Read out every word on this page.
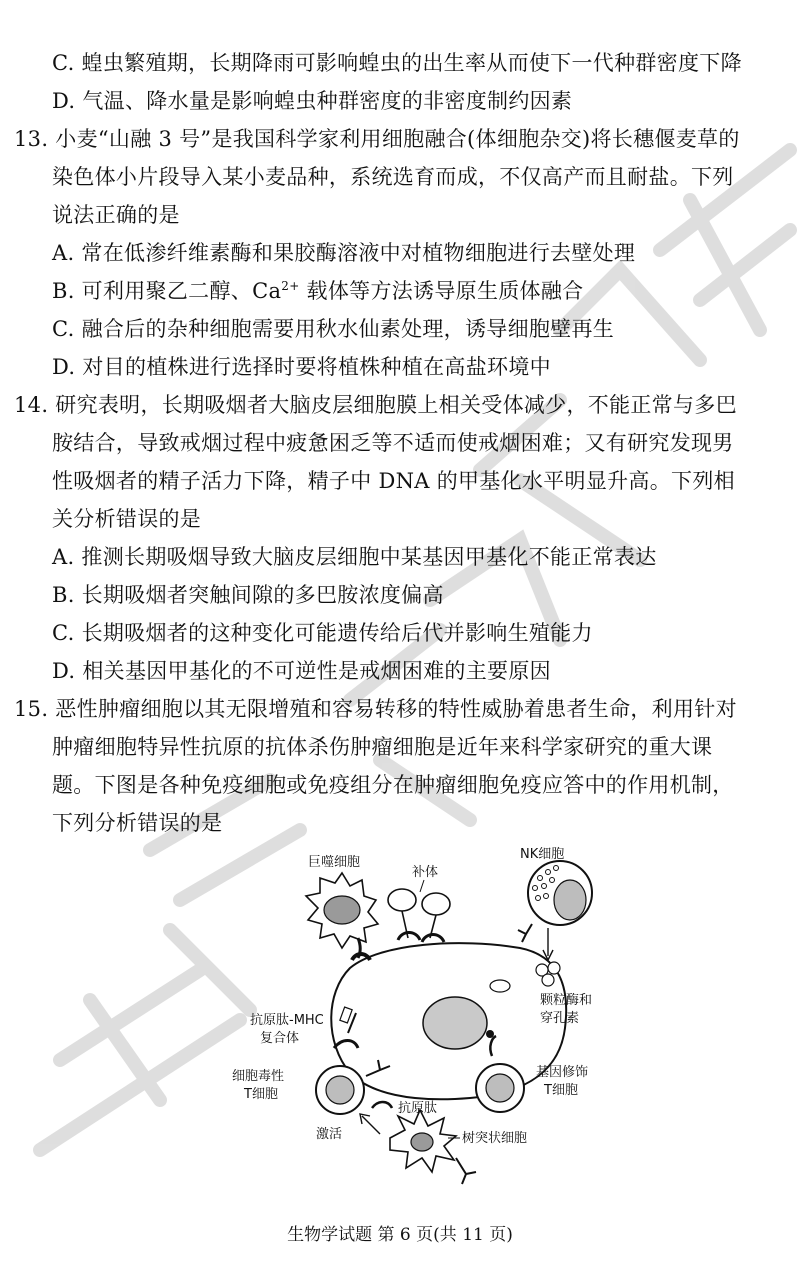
C. 蝗虫繁殖期，长期降雨可影响蝗虫的出生率从而使下一代种群密度下降
D. 气温、降水量是影响蝗虫种群密度的非密度制约因素
13. 小麦“山融 3 号”是我国科学家利用细胞融合(体细胞杂交)将长穗偃麦草的
染色体小片段导入某小麦品种，系统选育而成，不仅高产而且耐盐。下列
说法正确的是
A. 常在低渗纤维素酶和果胶酶溶液中对植物细胞进行去壁处理
B. 可利用聚乙二醇、$Ca^{2+}$ 载体等方法诱导原生质体融合
C. 融合后的杂种细胞需要用秋水仙素处理，诱导细胞壁再生
D. 对目的植株进行选择时要将植株种植在高盐环境中
14. 研究表明，长期吸烟者大脑皮层细胞膜上相关受体减少，不能正常与多巴
胺结合，导致戒烟过程中疲惫困乏等不适而使戒烟困难；又有研究发现男
性吸烟者的精子活力下降，精子中 DNA 的甲基化水平明显升高。下列相
关分析错误的是
A. 推测长期吸烟导致大脑皮层细胞中某基因甲基化不能正常表达
B. 长期吸烟者突触间隙的多巴胺浓度偏高
C. 长期吸烟者的这种变化可能遗传给后代并影响生殖能力
D. 相关基因甲基化的不可逆性是戒烟困难的主要原因
15. 恶性肿瘤细胞以其无限增殖和容易转移的特性威胁着患者生命，利用针对
肿瘤细胞特异性抗原的抗体杀伤肿瘤细胞是近年来科学家研究的重大课
题。下图是各种免疫细胞或免疫组分在肿瘤细胞免疫应答中的作用机制，
下列分析错误的是
巨噬细胞
补体
NK细胞
颗粒酶和
穿孔素
抗原肽-MHC
复合体
基因修饰
T细胞
细胞毒性
T细胞
树突状细胞
抗原肽
激活
生物学试题 第 6 页(共 11 页)
